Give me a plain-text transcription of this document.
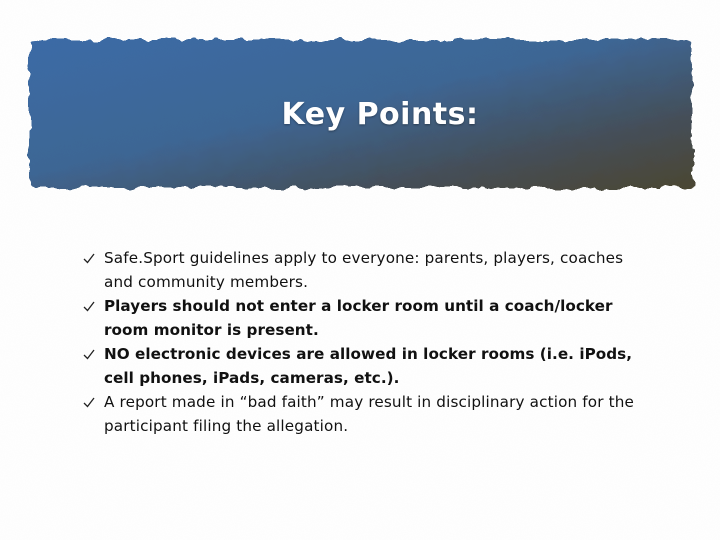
Key Points:
Safe.Sport guidelines apply to everyone: parents, players, coaches and community members.
Players should not enter a locker room until a coach/locker room monitor is present.
NO electronic devices are allowed in locker rooms (i.e. iPods, cell phones, iPads, cameras, etc.).
A report made in “bad faith” may result in disciplinary action for the participant filing the allegation.
